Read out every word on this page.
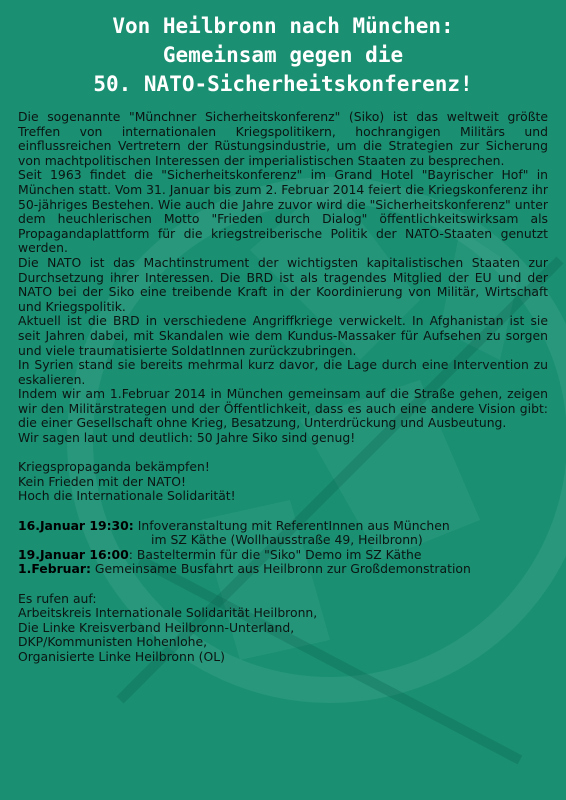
Von Heilbronn nach München:
Gemeinsam gegen die
50. NATO-Sicherheitskonferenz!

Die sogenannte "Münchner Sicherheitskonferenz" (Siko) ist das weltweit größte Treffen von internationalen Kriegspolitikern, hochrangigen Militärs und einflussreichen Vertretern der Rüstungsindustrie, um die Strategien zur Sicherung von machtpolitischen Interessen der imperialistischen Staaten zu besprechen.

Seit 1963 findet die "Sicherheitskonferenz" im Grand Hotel "Bayrischer Hof" in München statt. Vom 31. Januar bis zum 2. Februar 2014 feiert die Kriegskonferenz ihr 50-jähriges Bestehen. Wie auch die Jahre zuvor wird die "Sicherheitskonferenz" unter dem heuchlerischen Motto "Frieden durch Dialog" öffentlichkeitswirksam als Propagandaplattform für die kriegstreiberische Politik der NATO-Staaten genutzt werden.

Die NATO ist das Machtinstrument der wichtigsten kapitalistischen Staaten zur Durchsetzung ihrer Interessen. Die BRD ist als tragendes Mitglied der EU und der NATO bei der Siko eine treibende Kraft in der Koordinierung von Militär, Wirtschaft und Kriegspolitik.

Aktuell ist die BRD in verschiedene Angriffkriege verwickelt. In Afghanistan ist sie seit Jahren dabei, mit Skandalen wie dem Kundus-Massaker für Aufsehen zu sorgen und viele traumatisierte SoldatInnen zurückzubringen.

In Syrien stand sie bereits mehrmal kurz davor, die Lage durch eine Intervention zu eskalieren.

Indem wir am 1.Februar 2014 in München gemeinsam auf die Straße gehen, zeigen wir den Militärstrategen und der Öffentlichkeit, dass es auch eine andere Vision gibt: die einer Gesellschaft ohne Krieg, Besatzung, Unterdrückung und Ausbeutung.

Wir sagen laut und deutlich: 50 Jahre Siko sind genug!

Kriegspropaganda bekämpfen!
Kein Frieden mit der NATO!
Hoch die Internationale Solidarität!
16.Januar 19:30: Infoveranstaltung mit ReferentInnen aus München
im SZ Käthe (Wollhausstraße 49, Heilbronn)
19.Januar 16:00 : Basteltermin für die "Siko" Demo im SZ Käthe
1.Februar: Gemeinsame Busfahrt aus Heilbronn zur Großdemonstration
Es rufen auf:
Arbeitskreis Internationale Solidarität Heilbronn,
Die Linke Kreisverband Heilbronn-Unterland,
DKP/Kommunisten Hohenlohe,
Organisierte Linke Heilbronn (OL)
